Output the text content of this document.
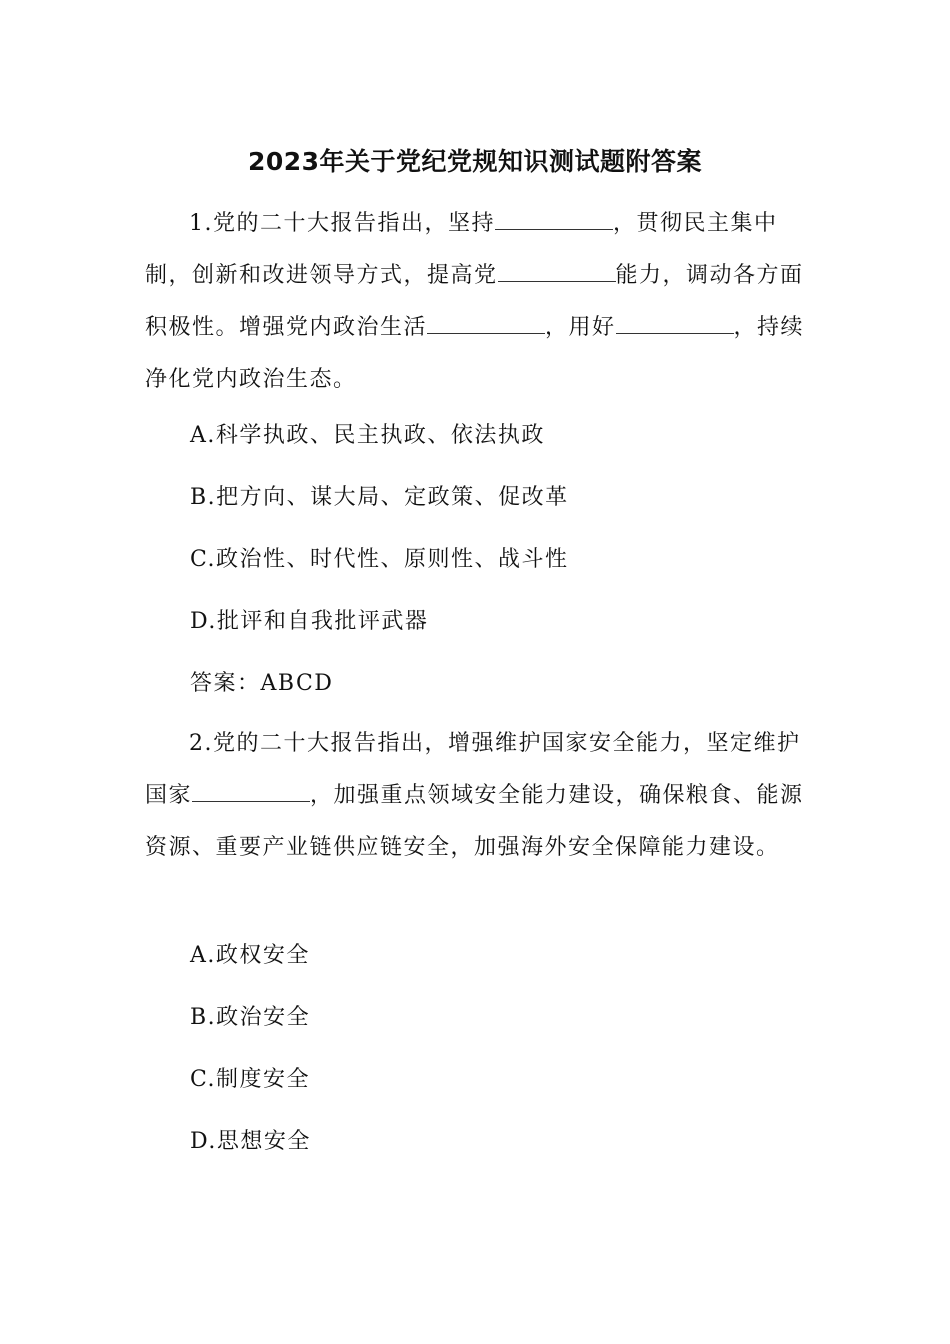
2023年关于党纪党规知识测试题附答案
1.党的二十大报告指出，坚持	，贯彻民主集中制，创新和改进领导方式，提高党	能力，调动各方面积极性。增强党内政治生活	，用好	，持续净化党内政治生态。
A.科学执政、民主执政、依法执政
B.把方向、谋大局、定政策、促改革
C.政治性、时代性、原则性、战斗性
D.批评和自我批评武器
答案：ABCD
2.党的二十大报告指出，增强维护国家安全能力，坚定维护国家	，加强重点领域安全能力建设，确保粮食、能源资源、重要产业链供应链安全，加强海外安全保障能力建设。
A.政权安全
B.政治安全
C.制度安全
D.思想安全
